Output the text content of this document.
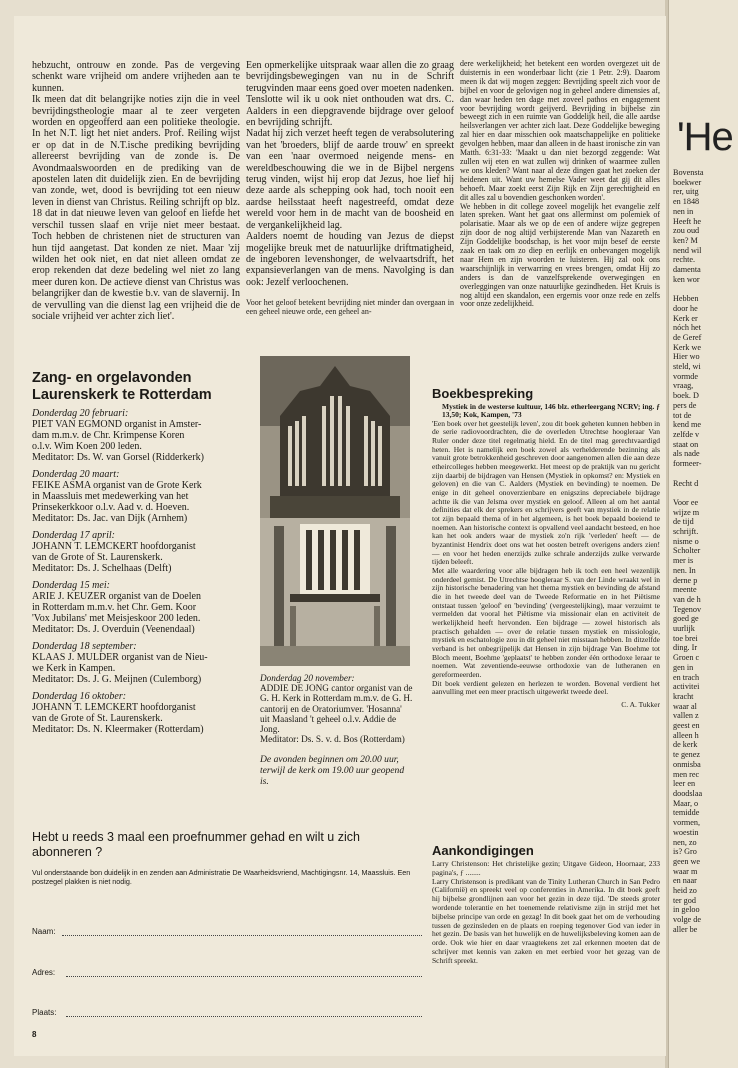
hebzucht, ontrouw en zonde. Pas de vergeving schenkt ware vrijheid om andere vrijheden aan te kunnen.
Ik meen dat dit belangrijke noties zijn die in veel bevrijdingstheologie maar al te zeer vergeten worden en opgeofferd aan een politieke theologie. In het N.T. ligt het niet anders. Prof. Reiling wijst er op dat in de N.T.ische prediking bevrijding allereerst bevrijding van de zonde is. De Avondmaalswoorden en de prediking van de apostelen laten dit duidelijk zien. En de bevrijding van zonde, wet, dood is bevrijding tot een nieuw leven in dienst van Christus. Reiling schrijft op blz. 18 dat in dat nieuwe leven van geloof en liefde het verschil tussen slaaf en vrije niet meer bestaat. Toch hebben de christenen niet de structuren van hun tijd aangetast. Dat konden ze niet. Maar 'zij wilden het ook niet, en dat niet alleen omdat ze erop rekenden dat deze bedeling wel niet zo lang meer duren kon. De actieve dienst van Christus was belangrijker dan de kwestie b.v. van de slavernij. In de vervulling van die dienst lag een vrijheid die de sociale vrijheid ver achter zich liet'.
Een opmerkelijke uitspraak waar allen die zo graag bevrijdingsbewegingen van nu in de Schrift terugvinden maar eens goed over moeten nadenken. Tenslotte wil ik u ook niet onthouden wat drs. C. Aalders in een diepgravende bijdrage over geloof en bevrijding schrijft.
Nadat hij zich verzet heeft tegen de verabsolutering van het 'broeders, blijf de aarde trouw' en spreekt van een 'naar overmoed neigende mens- en wereldbeschouwing die we in de Bijbel nergens terug vinden, wijst hij erop dat Jezus, hoe lief hij deze aarde als schepping ook had, toch nooit een aardse heilsstaat heeft nagestreefd, omdat deze wereld voor hem in de macht van de boosheid en de vergankelijkheid lag.
Aalders noemt de houding van Jezus de diepst mogelijke breuk met de natuurlijke driftmatigheid, de ingeboren levenshonger, de welvaartsdrift, het expansieverlangen van de mens. Navolging is dan ook: Jezelf verloochenen.
Voor het geloof betekent bevrijding niet minder dan overgaan in een geheel nieuwe orde, een geheel an-
dere werkelijkheid; het betekent een worden overgezet uit de duisternis in een wonderbaar licht (zie 1 Petr. 2:9). Daarom meen ik dat wij mogen zeggen: Bevrijding speelt zich voor de bijbel en voor de gelovigen nog in geheel andere dimensies af, dan waar heden ten dage met zoveel pathos en engagement voor bevrijding wordt geijverd. Bevrijding in bijbelse zin beweegt zich in een ruimte van Goddelijk heil, die alle aardse heilsverlangen ver achter zich laat. Deze Goddelijke beweging zal hier en daar misschien ook maatschappelijke en politieke gevolgen hebben, maar dan alleen in de haast ironische zin van Matth. 6:31-33: 'Maakt u dan niet bezorgd zeggende: Wat zullen wij eten en wat zullen wij drinken of waarmee zullen we ons kleden? Want naar al deze dingen gaat het zoeken der heidenen uit. Want uw hemelse Vader weet dat gij dit alles behoeft. Maar zoekt eerst Zijn Rijk en Zijn gerechtigheid en dit alles zal u bovendien geschonken worden'.
We hebben in dit college zoveel mogelijk het evangelie zelf laten spreken. Want het gaat ons allerminst om polemiek of polarisatie. Maar als we op de een of andere wijze gegrepen zijn door de nog altijd verbijsterende Man van Nazareth en Zijn Goddelijke boodschap, is het voor mijn besef de eerste zaak en taak om zo diep en eerlijk en onbevangen mogelijk naar Hem en zijn woorden te luisteren. Hij zal ook ons waarschijnlijk in verwarring en vrees brengen, omdat Hij zo anders is dan de vanzelfsprekende overwegingen en overleggingen van onze natuurlijke gezindheden. Het Kruis is nog altijd een skandalon, een ergernis voor onze rede en zelfs voor onze zedelijkheid.
Zang- en orgelavonden
Laurenskerk te Rotterdam
Donderdag 20 februari:
PIET VAN EGMOND organist in Amster-
dam m.m.v. de Chr. Krimpense Koren
o.l.v. Wim Koen 200 leden.
Meditator: Ds. W. van Gorsel (Ridderkerk)
Donderdag 20 maart:
FEIKE ASMA organist van de Grote Kerk
in Maassluis met medewerking van het
Prinsekerkkoor o.l.v. Aad v. d. Hoeven.
Meditator: Ds. Jac. van Dijk (Arnhem)
Donderdag 17 april:
JOHANN T. LEMCKERT hoofdorganist
van de Grote of St. Laurenskerk.
Meditator: Ds. J. Schelhaas (Delft)
Donderdag 15 mei:
ARIE J. KEUZER organist van de Doelen
in Rotterdam m.m.v. het Chr. Gem. Koor
'Vox Jubilans' met Meisjeskoor 200 leden.
Meditator: Ds. J. Overduin (Veenendaal)
Donderdag 18 september:
KLAAS J. MULDER organist van de Nieu-
we Kerk in Kampen.
Meditator: Ds. J. G. Meijnen (Culemborg)
Donderdag 16 oktober:
JOHANN T. LEMCKERT hoofdorganist
van de Grote of St. Laurenskerk.
Meditator: Ds. N. Kleermaker (Rotterdam)
Donderdag 20 november:
ADDIE DE JONG cantor organist van de
G. H. Kerk in Rotterdam m.m.v. de G. H.
cantorij en de Oratoriumver. 'Hosanna'
uit Maasland 't geheel o.l.v. Addie de Jong.
Meditator: Ds. S. v. d. Bos (Rotterdam)
De avonden beginnen om 20.00 uur, terwijl de kerk om 19.00 uur geopend is.
Boekbespreking
Mystiek in de westerse kultuur, 146 blz. etherleergang NCRV; ing. ƒ 13,50; Kok, Kampen, '73
'Een boek over het geestelijk leven', zou dit boek geheten kunnen hebben in de serie radiovoordrachten, die de overleden Utrechtse hoogleraar Van Ruler onder deze titel regelmatig hield. En de titel mag gerechtvaardigd heten. Het is namelijk een boek zowel als verhelderende bezinning als vanuit grote betrokkenheid geschreven door aangenomen allen die aan deze etheircolleges hebben meegewerkt. Het meest op de praktijk van nu gericht zijn daarbij de bijdragen van Hensen (Mystiek in opkomst? en: Mystiek en geloven) en die van C. Aalders (Mystiek en bevinding) te noemen. De enige in dit geheel onoverzienbare en enigszins depreciabele bijdrage achtte ik die van Jelsma over mystiek en geloof. Alleen al om het aantal definities dat elk der sprekers en schrijvers geeft van mystiek in de relatie tot zijn bepaald thema of in het algemeen, is het boek bepaald boeiend te noemen. Aan historische context is opvallend veel aandacht besteed, en hoe kan het ook anders waar de mystiek zo'n rijk 'verleden' heeft — de byzantinist Hendrix doet ons wat het oosten betreft overigens anders zien! — en voor het heden enerzijds zulke schrale anderzijds zulke verwarde tijden beleeft.
Met alle waardering voor alle bijdragen heb ik toch een heel wezenlijk onderdeel gemist. De Utrechtse hoogleraar S. van der Linde wraakt wel in zijn historische benadering van het thema mystiek en bevinding de afstand die in het tweede deel van de Tweede Reformatie en in het Piëtisme ontstaat tussen 'geloof' en 'bevinding' (vergeestelijking), maar verzuimt te vermelden dat vooral het Piëtisme via missionair elan en activiteit de werkelijkheid heeft hervonden. Een bijdrage — zowel historisch als practisch gehalden — over de relatie tussen mystiek en missiologie, mystiek en eschatologie zou in dit geheel niet misstaan hebben. In ditzelfde verband is het onbegrijpelijk dat Hensen in zijn bijdrage Van Boehme tot Bloch meent, Boehme 'geplaatst' te hebben zonder één orthodoxe leraar te noemen. Wat zeventiende-eeuwse orthodoxie van de lutheranen en gereformeerden.
Dit boek verdient gelezen en herlezen te worden. Bovenal verdient het aanvulling met een meer practisch uitgewerkt tweede deel.
C. A. Tukker
Aankondigingen
Larry Christenson: Het christelijke gezin; Uitgave Gideon, Hoornaar, 233 pagina's, ƒ ........
Larry Christenson is predikant van de Tinity Lutheran Church in San Pedro (Californië) en spreekt veel op conferenties in Amerika. In dit boek geeft hij bijbelse grondlijnen aan voor het gezin in deze tijd. 'De steeds groter wordende tolerantie en het toenemende relativisme zijn in strijd met het bijbelse principe van orde en gezag! In dit boek gaat het om de verhouding tussen de gezinsleden en de plaats en roeping tegenover God van ieder in het gezin. De basis van het huwelijk en de huwelijksbeleving komen aan de orde. Ook wie hier en daar vraagtekens zet zal erkennen moeten dat de schrijver met kennis van zaken en met eerbied voor het gezag van de Schrift spreekt.
Hebt u reeds 3 maal een proefnummer gehad en wilt u zich
abonneren ?
Vul onderstaande bon duidelijk in en zenden aan Administratie De Waarheidsvriend, Machtigingsnr. 14, Maassluis. Een postzegel plakken is niet nodig.
Naam:
Adres:
Plaats:
8
'He
Bovensta
boekwer
rer, uitg
en 1848
nen in
Heeft he
zou oud
ken? M
nend wil
rechte.
damenta
ken wor

Hebben
door he
Kerk er
nóch het
de Geref
Kerk we
Hier wo
steld, wi
vormde
vraag,
boek. D
pers de
tot de
kend me
zelfde v
staat on
als nade
formeer-

Recht d

Voor ee
wijze m
de tijd
schrijft.
nisme o
Scholter
mer is
nen. In
derne p
meente
van de h
Tegenov
goed ge
uurlijk
toe brei
ding. Ir
Groen c
gen in
en trach
activitei
kracht
waar al
vallen z
geest en
alleen h
de kerk
te genez
onmisba
men rec
leer en
doodslaa
Maar, o
temidde
vormen,
woestin
nen, zo
is? Gro
geen we
waar m
en naar
heid zo
ter god
in geloo
volge de
aller be
